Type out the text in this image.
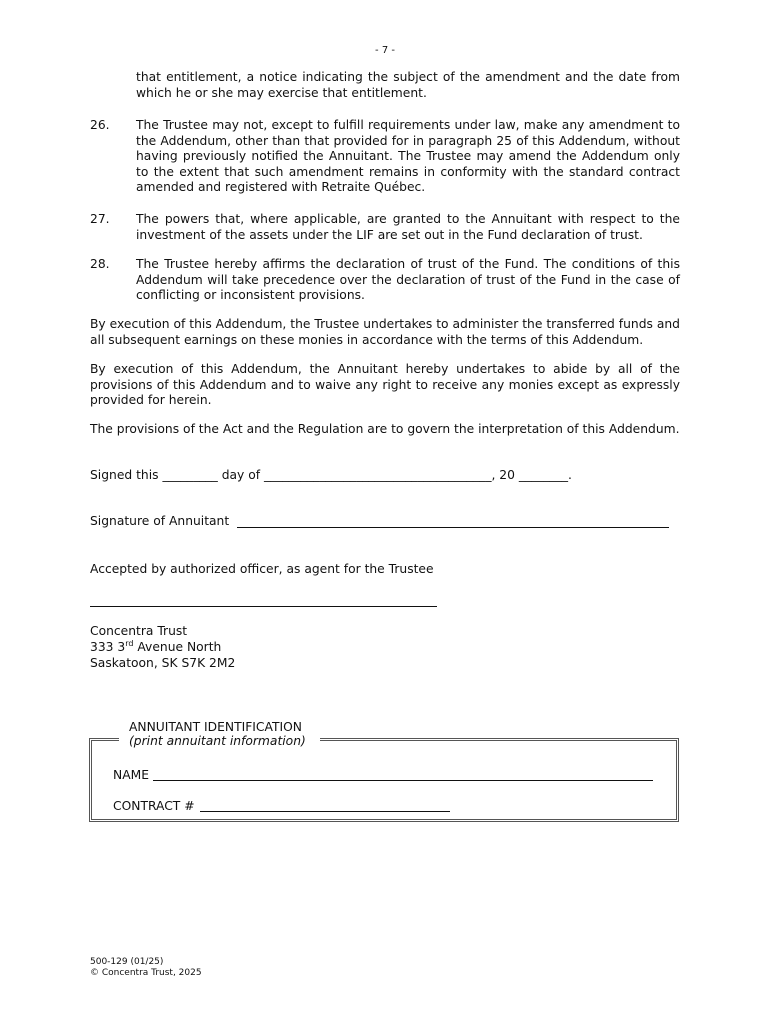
- 7 -
that entitlement, a notice indicating the subject of the amendment and the date from which he or she may exercise that entitlement.
26. The Trustee may not, except to fulfill requirements under law, make any amendment to the Addendum, other than that provided for in paragraph 25 of this Addendum, without having previously notified the Annuitant. The Trustee may amend the Addendum only to the extent that such amendment remains in conformity with the standard contract amended and registered with Retraite Québec.
27. The powers that, where applicable, are granted to the Annuitant with respect to the investment of the assets under the LIF are set out in the Fund declaration of trust.
28. The Trustee hereby affirms the declaration of trust of the Fund. The conditions of this Addendum will take precedence over the declaration of trust of the Fund in the case of conflicting or inconsistent provisions.
By execution of this Addendum, the Trustee undertakes to administer the transferred funds and all subsequent earnings on these monies in accordance with the terms of this Addendum.
By execution of this Addendum, the Annuitant hereby undertakes to abide by all of the provisions of this Addendum and to waive any right to receive any monies except as expressly provided for herein.
The provisions of the Act and the Regulation are to govern the interpretation of this Addendum.
Signed this _________ day of _____________________________________, 20 ________.
Signature of Annuitant
Accepted by authorized officer, as agent for the Trustee
Concentra Trust
333 3rd Avenue North
Saskatoon, SK S7K 2M2
ANNUITANT IDENTIFICATION
(print annuitant information)
NAME
CONTRACT #
500-129 (01/25)
© Concentra Trust, 2025
